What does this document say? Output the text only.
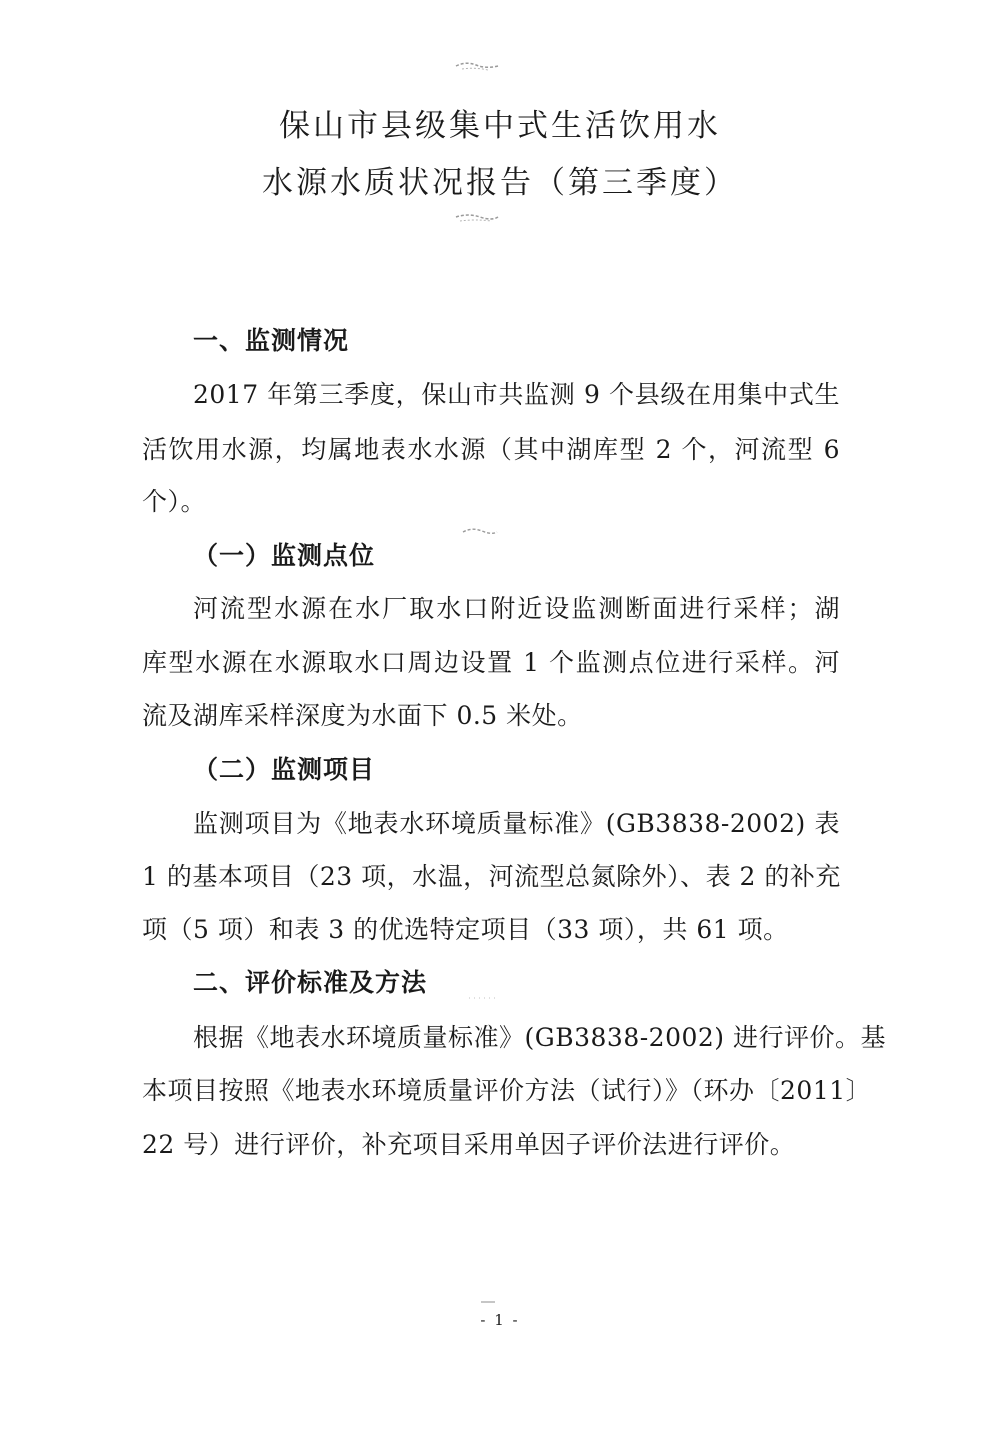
保山市县级集中式生活饮用水
水源水质状况报告（第三季度）
一、监测情况
2017 年第三季度，保山市共监测 9 个县级在用集中式生
活饮用水源，均属地表水水源（其中湖库型 2 个，河流型 6
个）。
（一）监测点位
河流型水源在水厂取水口附近设监测断面进行采样；湖
库型水源在水源取水口周边设置 1 个监测点位进行采样。河
流及湖库采样深度为水面下 0.5 米处。
（二）监测项目
监测项目为《地表水环境质量标准》(GB3838-2002) 表
1 的基本项目（23 项，水温，河流型总氮除外）、表 2 的补充
项（5 项）和表 3 的优选特定项目（33 项），共 61 项。
二、评价标准及方法
根据《地表水环境质量标准》(GB3838-2002) 进行评价。基
本项目按照《地表水环境质量评价方法（试行）》（环办〔2011〕
22 号）进行评价，补充项目采用单因子评价法进行评价。
- 1 -
